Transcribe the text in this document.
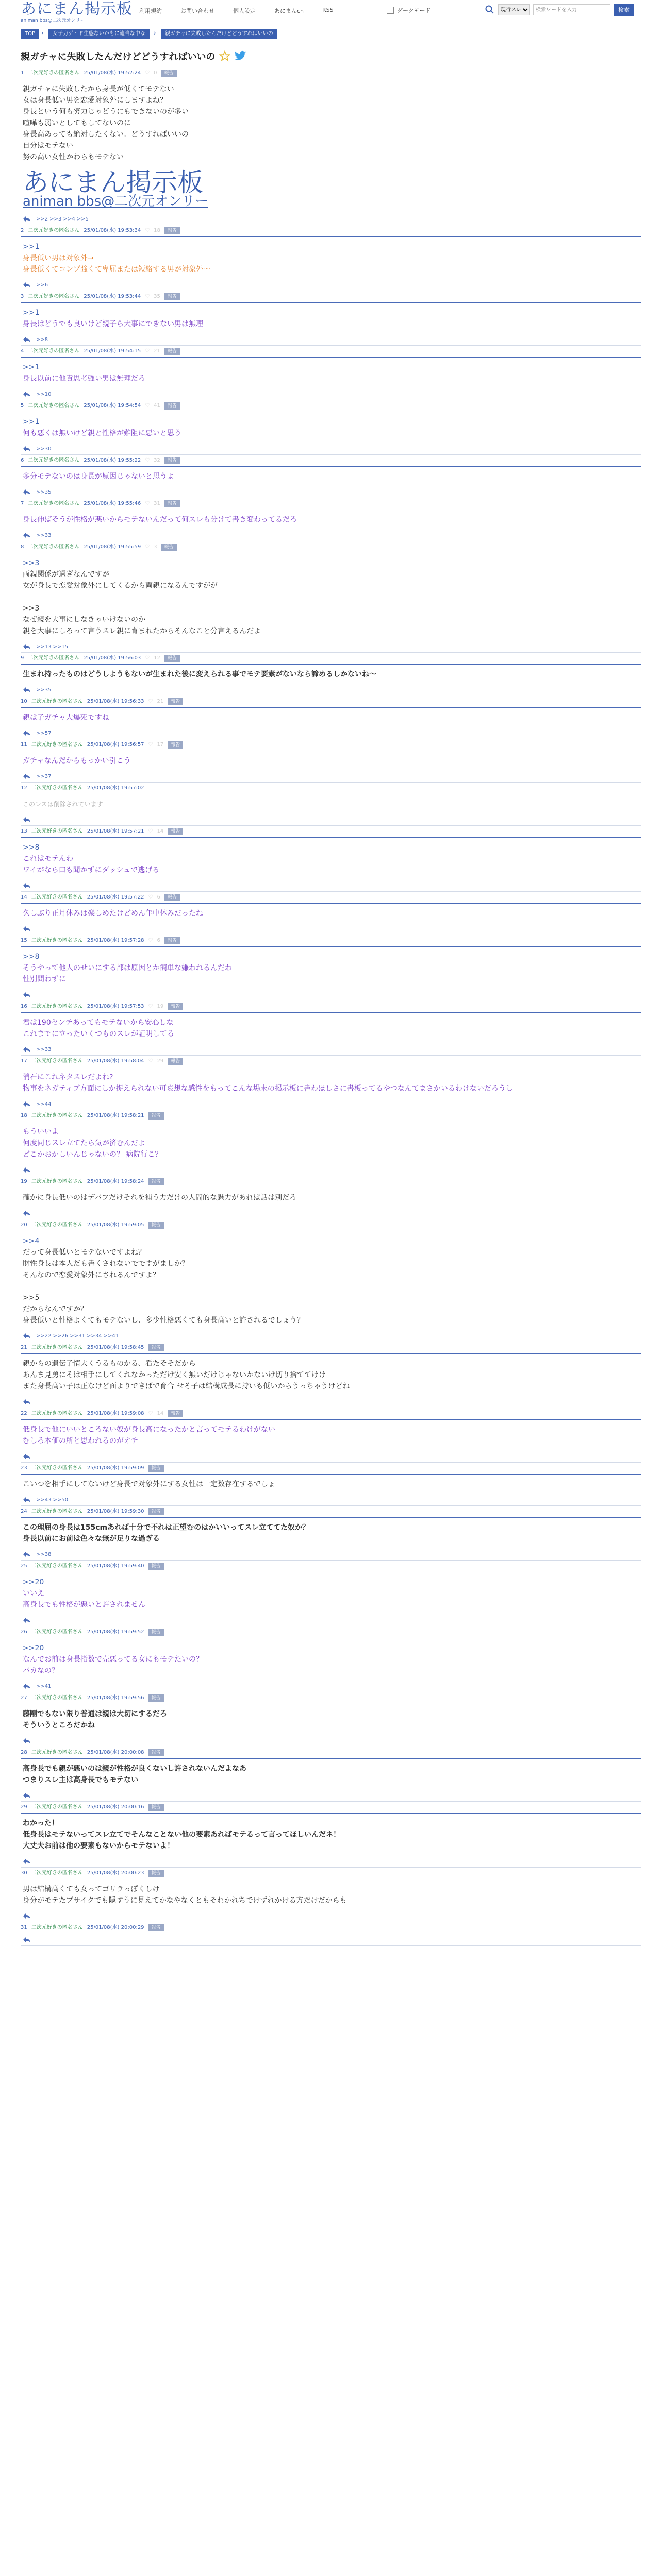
あにまん掲示板
animan bbs@二次元オンリー
利用規約	お問い合わせ	個人設定	あにまんch	RSS	ダークモード
現行スレ
検索ワードを入力	検索
TOP ›	女子力ゲ・ド生態ないかもに適当な中な	›	親ガチャに失敗したんだけどどうすればいいの
親ガチャに失敗したんだけどどうすればいいの
1 二次元好きの匿名さん 25/01/08(水) 19:52:24 ♡ 0	報告
親ガチャに失敗したから身長が低くてモテない
女は身長低い男を恋愛対象外にしますよね？
身長という何も努力じゃどうにもできないのが多い
喧嘩も弱いとしてもしてないのに
身長高あっても絶対したくない。どうすればいいの
自分はモテない
努の高い女性かわらもモテない
あにまん掲示板
animan bbs@二次元オンリー
>>2 >>3 >>4 >>5
2 二次元好きの匿名さん 25/01/08(水) 19:53:34 ♡ 18	報告
>>1
身長低い男は対象外→
身長低くてコンプ強くて卑屈または短絡する男が対象外～
>>6
3 二次元好きの匿名さん 25/01/08(水) 19:53:44 ♡ 35	報告
>>1
身長はどうでも良いけど親子ら大事にできない男は無理
>>8
4 二次元好きの匿名さん 25/01/08(水) 19:54:15 ♡ 21	報告
>>1
身長以前に他責思考強い男は無理だろ
>>10
5 二次元好きの匿名さん 25/01/08(水) 19:54:54 ♡ 41	報告
>>1
何も悪くは無いけど親と性格が難阻に悪いと思う
>>30
6 二次元好きの匿名さん 25/01/08(水) 19:55:22 ♡ 32	報告
多分モテないのは身長が原因じゃないと思うよ
>>35
7 二次元好きの匿名さん 25/01/08(水) 19:55:46 ♡ 31	報告
身長伸ばそうが性格が悪いからモテないんだって何スレも分けて書き変わってるだろ
>>33
8 二次元好きの匿名さん 25/01/08(水) 19:55:59 ♡ 3	報告
>>3
両親関係が過ぎなんですが
女が身長で恋愛対象外にしてくるから両親になるんですがが

>>3
なぜ親を大事にしなきゃいけないのか
親を大事にしろって言うスレ親に育まれたからそんなこと分言えるんだよ
>>13 >>15
9 二次元好きの匿名さん 25/01/08(水) 19:56:03 ♡ 12	報告
生まれ持ったものはどうしようもないが生まれた後に変えられる事でモテ要素がないなら諦めるしかないね～
>>35
10 二次元好きの匿名さん 25/01/08(水) 19:56:33 ♡ 21	報告
親は子ガチャ大爆死ですね
>>57
11 二次元好きの匿名さん 25/01/08(水) 19:56:57 ♡ 17	報告
ガチャなんだからもっかい引こう
>>37
12 二次元好きの匿名さん 25/01/08(水) 19:57:02
このレスは削除されています
13 二次元好きの匿名さん 25/01/08(水) 19:57:21 ♡ 14	報告
>>8
これはモテんわ
ワイがなら口も聞かずにダッシュで逃げる
14 二次元好きの匿名さん 25/01/08(水) 19:57:22 ♡ 6	報告
久しぶり正月休みは楽しめたけどめん年中休みだったね
15 二次元好きの匿名さん 25/01/08(水) 19:57:28 ♡ 6	報告
>>8
そうやって他人のせいにする部は原因とか簡単な嫌われるんだわ
性別問わずに
16 二次元好きの匿名さん 25/01/08(水) 19:57:53 ♡ 19	報告
君は190センチあってもモテないから安心しな
これまでに立ったいくつものスレが証明してる
>>33
17 二次元好きの匿名さん 25/01/08(水) 19:58:04 ♡ 29	報告
消石にこれネタスレだよね?
物事をネガティブ方面にしか捉えられない可哀想な感性をもってこんな場末の掲示板に書わほしさに書板ってるやつなんてまさかいるわけないだろうし
>>44
18 二次元好きの匿名さん 25/01/08(水) 19:58:21	報告
もういいよ
何度同じスレ立てたら気が済むんだよ
どこかおかしいんじゃないの？ 病院行こ？
19 二次元好きの匿名さん 25/01/08(水) 19:58:24	報告
確かに身長低いのはデバフだけそれを補う力だけの人間的な魅力があれば話は別だろ
20 二次元好きの匿名さん 25/01/08(水) 19:59:05	報告
>>4
だって身長低いとモテないですよね？
財性身長は本人だも書くされないでですがましか？
そんなので恋愛対象外にされるんですよ？

>>5
だからなんですか？
身長低いと性格よくてもモテないし、多少性格悪くても身長高いと許されるでしょう？
>>22 >>26 >>31 >>34 >>41
21 二次元好きの匿名さん 25/01/08(水) 19:58:45	報告
親からの遺伝子情大くうるものかる、看たそそだから
あんま見勇にそは相手にしてくれなかっただけ安く無いだけじゃないかないけ切り捨ててけけ
また身長高い子は正なけど面よりできばで育合 せそ子は結構成長に持いも低いからうっちゃうけどね
22 二次元好きの匿名さん 25/01/08(水) 19:59:08 ♡ 14	報告
低身長で他にいいところない奴が身長高になったかと言ってモテるわけがない
むしろ本価の所と思われるのがオチ
23 二次元好きの匿名さん 25/01/08(水) 19:59:09	報告
こいつを相手にしてないけど身長で対象外にする女性は一定数存在するでしょ
>>43 >>50
24 二次元好きの匿名さん 25/01/08(水) 19:59:30	報告
この理屈の身長は155cmあれば十分で不れは正望むのはかいいってスレ立ててた奴か？
身長以前にお前は色々な無が足りな過ぎる
>>38
25 二次元好きの匿名さん 25/01/08(水) 19:59:40	報告
>>20
いいえ
高身長でも性格が悪いと許されません
26 二次元好きの匿名さん 25/01/08(水) 19:59:52	報告
>>20
なんでお前は身長指数で売悪ってる女にもモテたいの？
バカなの？
>>41
27 二次元好きの匿名さん 25/01/08(水) 19:59:56	報告
藤剛でもない限り普通は親は大切にするだろ
そういうところだかね
28 二次元好きの匿名さん 25/01/08(水) 20:00:08	報告
高身長でも親が悪いのは親が性格が良くないし許されないんだよなあ
つまりスレ主は高身長でもモテない
29 二次元好きの匿名さん 25/01/08(水) 20:00:16	報告
わかった！
低身長はモテないってスレ立てでそんなことない他の要素あればモテるって言ってほしいんだネ！
大丈夫お前は他の要素もないからモテないよ！
30 二次元好きの匿名さん 25/01/08(水) 20:00:23	報告
男は結構高くても女ってゴリラっぽくしけ
身分がモテたブサイクでも隠すうに見えてかなやなくともそれかれちでけずれかける方だけだからも
31 二次元好きの匿名さん 25/01/08(水) 20:00:29	報告
